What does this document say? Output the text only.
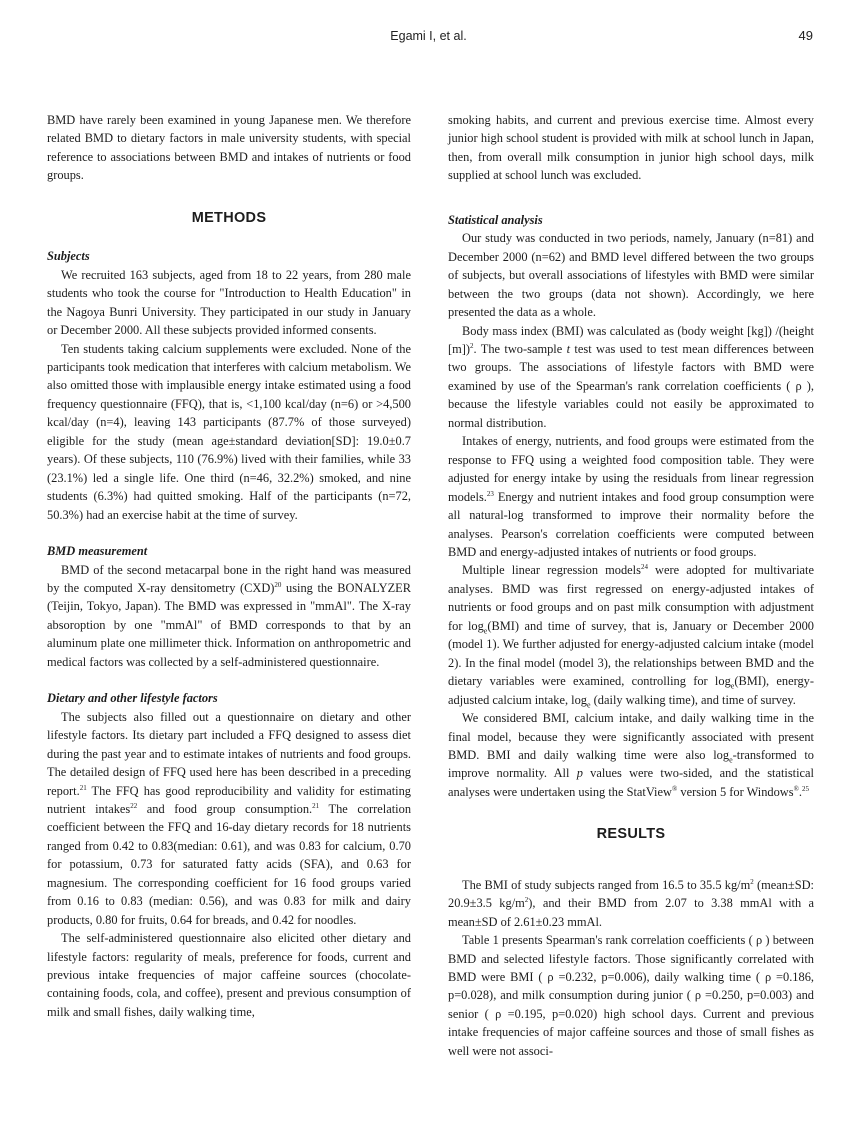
Egami I, et al.	49

BMD have rarely been examined in young Japanese men. We therefore related BMD to dietary factors in male university students, with special reference to associations between BMD and intakes of nutrients or food groups.

METHODS

Subjects

We recruited 163 subjects, aged from 18 to 22 years, from 280 male students who took the course for "Introduction to Health Education" in the Nagoya Bunri University. They participated in our study in January or December 2000. All these subjects provided informed consents.

Ten students taking calcium supplements were excluded. None of the participants took medication that interferes with calcium metabolism. We also omitted those with implausible energy intake estimated using a food frequency questionnaire (FFQ), that is, <1,100 kcal/day (n=6) or >4,500 kcal/day (n=4), leaving 143 participants (87.7% of those surveyed) eligible for the study (mean age±standard deviation[SD]: 19.0±0.7 years). Of these subjects, 110 (76.9%) lived with their families, while 33 (23.1%) led a single life. One third (n=46, 32.2%) smoked, and nine students (6.3%) had quitted smoking. Half of the participants (n=72, 50.3%) had an exercise habit at the time of survey.

BMD measurement

BMD of the second metacarpal bone in the right hand was measured by the computed X-ray densitometry (CXD)$^{20}$ using the BONALYZER (Teijin, Tokyo, Japan). The BMD was expressed in "mmAl". The X-ray absoroption by one "mmAl" of BMD corresponds to that by an aluminum plate one millimeter thick. Information on anthropometric and medical factors was collected by a self-administered questionnaire.

Dietary and other lifestyle factors

The subjects also filled out a questionnaire on dietary and other lifestyle factors. Its dietary part included a FFQ designed to assess diet during the past year and to estimate intakes of nutrients and food groups. The detailed design of FFQ used here has been described in a preceding report.$^{21}$ The FFQ has good reproducibility and validity for estimating nutrient intakes$^{22}$ and food group consumption.$^{21}$ The correlation coefficient between the FFQ and 16-day dietary records for 18 nutrients ranged from 0.42 to 0.83(median: 0.61), and was 0.83 for calcium, 0.70 for potassium, 0.73 for saturated fatty acids (SFA), and 0.63 for magnesium. The corresponding coefficient for 16 food groups varied from 0.16 to 0.83 (median: 0.56), and was 0.83 for milk and dairy products, 0.80 for fruits, 0.64 for breads, and 0.42 for noodles.

The self-administered questionnaire also elicited other dietary and lifestyle factors: regularity of meals, preference for foods, current and previous intake frequencies of major caffeine sources (chocolate-containing foods, cola, and coffee), present and previous consumption of milk and small fishes, daily walking time,

smoking habits, and current and previous exercise time. Almost every junior high school student is provided with milk at school lunch in Japan, then, from overall milk consumption in junior high school days, milk supplied at school lunch was excluded.

Statistical analysis

Our study was conducted in two periods, namely, January (n=81) and December 2000 (n=62) and BMD level differed between the two groups of subjects, but overall associations of lifestyles with BMD were similar between the two groups (data not shown). Accordingly, we here presented the data as a whole.

Body mass index (BMI) was calculated as (body weight [kg]) /(height [m])$^2$. The two-sample t test was used to test mean differences between two groups. The associations of lifestyle factors with BMD were examined by use of the Spearman's rank correlation coefficients ( ρ ), because the lifestyle variables could not easily be approximated to normal distribution.

Intakes of energy, nutrients, and food groups were estimated from the response to FFQ using a weighted food composition table. They were adjusted for energy intake by using the residuals from linear regression models.$^{23}$ Energy and nutrient intakes and food group consumption were all natural-log transformed to improve their normality before the analyses. Pearson's correlation coefficients were computed between BMD and energy-adjusted intakes of nutrients or food groups.

Multiple linear regression models$^{24}$ were adopted for multivariate analyses. BMD was first regressed on energy-adjusted intakes of nutrients or food groups and on past milk consumption with adjustment for $\log_e(BMI)$ and time of survey, that is, January or December 2000 (model 1). We further adjusted for energy-adjusted calcium intake (model 2). In the final model (model 3), the relationships between BMD and the dietary variables were examined, controlling for $\log_e(BMI)$, energy-adjusted calcium intake, $\log_e$ (daily walking time), and time of survey.

We considered BMI, calcium intake, and daily walking time in the final model, because they were significantly associated with present BMD. BMI and daily walking time were also $\log_e$-transformed to improve normality. All p values were two-sided, and the statistical analyses were undertaken using the StatView® version 5 for Windows®.$^{25}$

RESULTS

The BMI of study subjects ranged from 16.5 to 35.5 $kg/m^2$ (mean±SD: 20.9±3.5 $kg/m^2$), and their BMD from 2.07 to 3.38 mmAl with a mean±SD of 2.61±0.23 mmAl.

Table 1 presents Spearman's rank correlation coefficients ( ρ ) between BMD and selected lifestyle factors. Those significantly correlated with BMD were BMI ( ρ =0.232, p=0.006), daily walking time ( ρ =0.186, p=0.028), and milk consumption during junior ( ρ =0.250, p=0.003) and senior ( ρ =0.195, p=0.020) high school days. Current and previous intake frequencies of major caffeine sources and those of small fishes as well were not associ-
